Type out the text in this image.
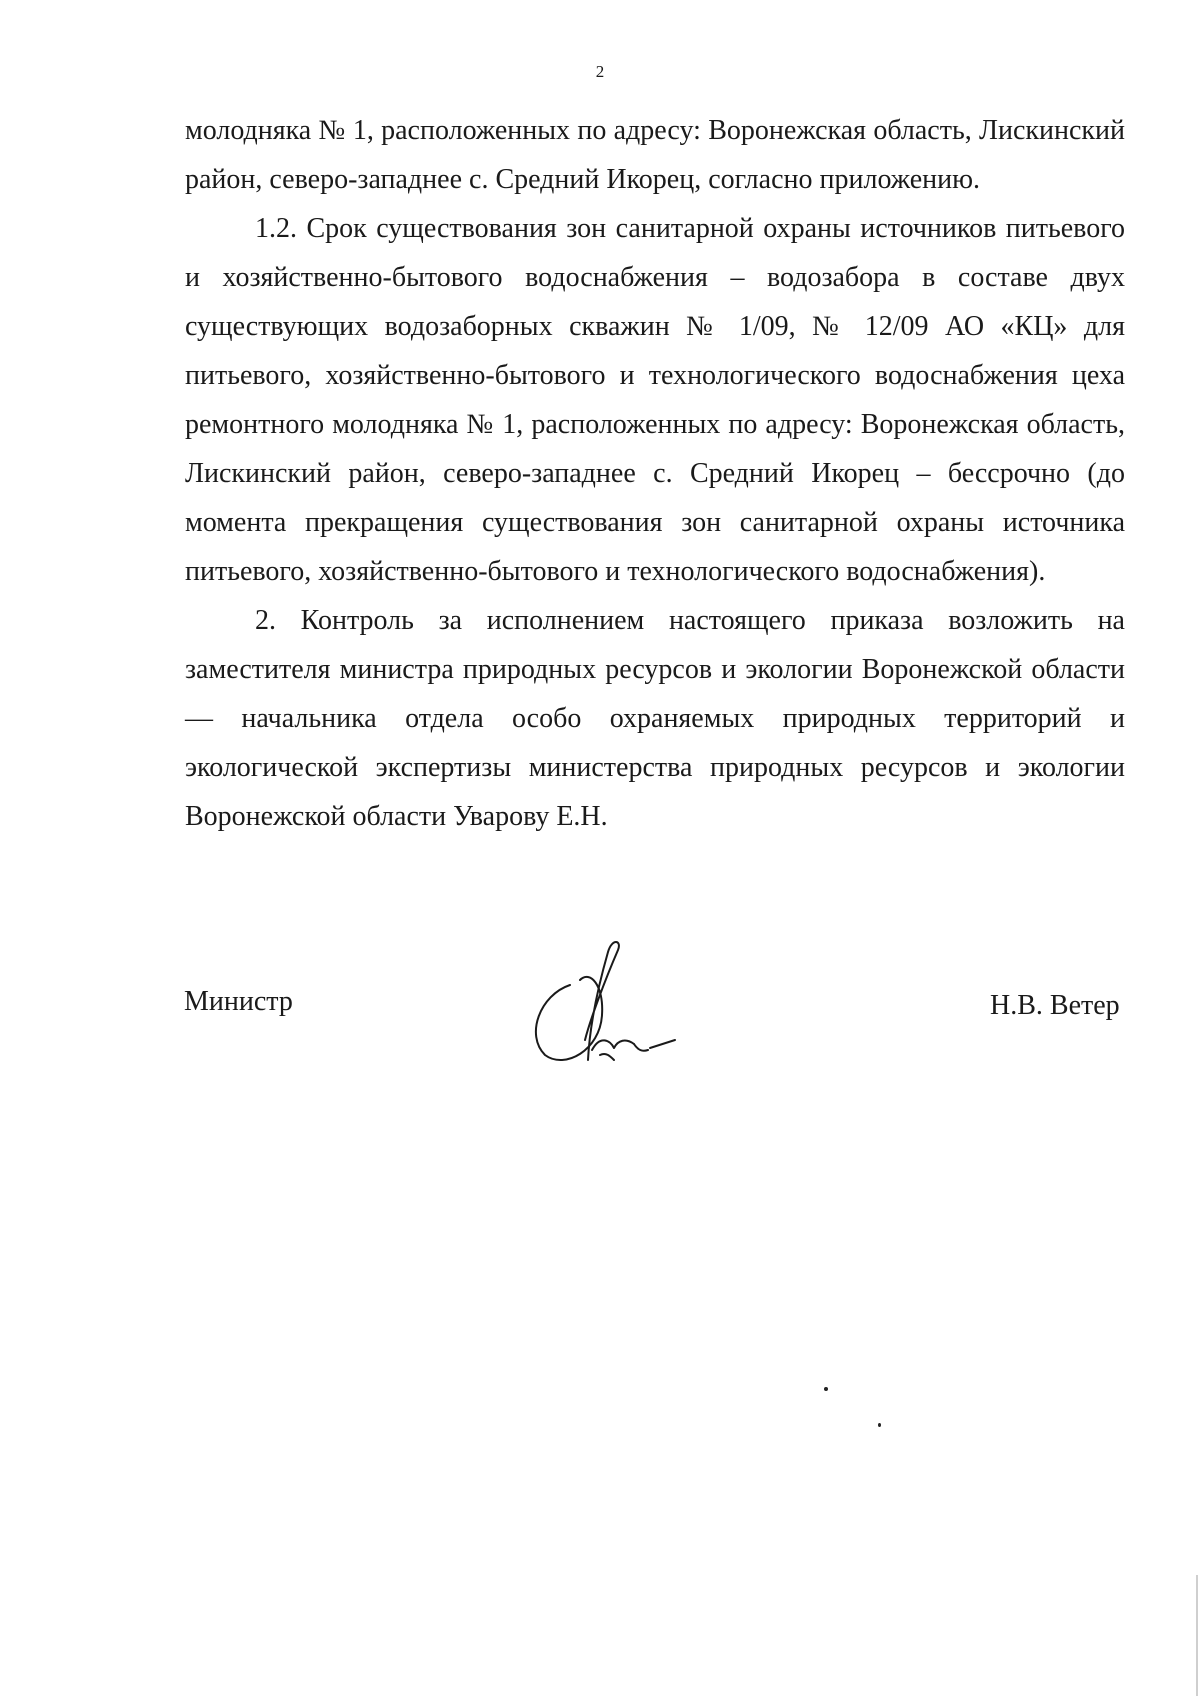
2

молодняка № 1, расположенных по адресу: Воронежская область, Лискинский район, северо-западнее с. Средний Икорец, согласно приложению.

1.2. Срок существования зон санитарной охраны источников питьевого и хозяйственно-бытового водоснабжения – водозабора в составе двух существующих водозаборных скважин № 1/09, № 12/09 АО «КЦ» для питьевого, хозяйственно-бытового и технологического водоснабжения цеха ремонтного молодняка № 1, расположенных по адресу: Воронежская область, Лискинский район, северо-западнее с. Средний Икорец – бессрочно (до момента прекращения существования зон санитарной охраны источника питьевого, хозяйственно-бытового и технологического водоснабжения).

2. Контроль за исполнением настоящего приказа возложить на заместителя министра природных ресурсов и экологии Воронежской области — начальника отдела особо охраняемых природных территорий и экологической экспертизы министерства природных ресурсов и экологии Воронежской области Уварову Е.Н.

Министр	Н.В. Ветер
